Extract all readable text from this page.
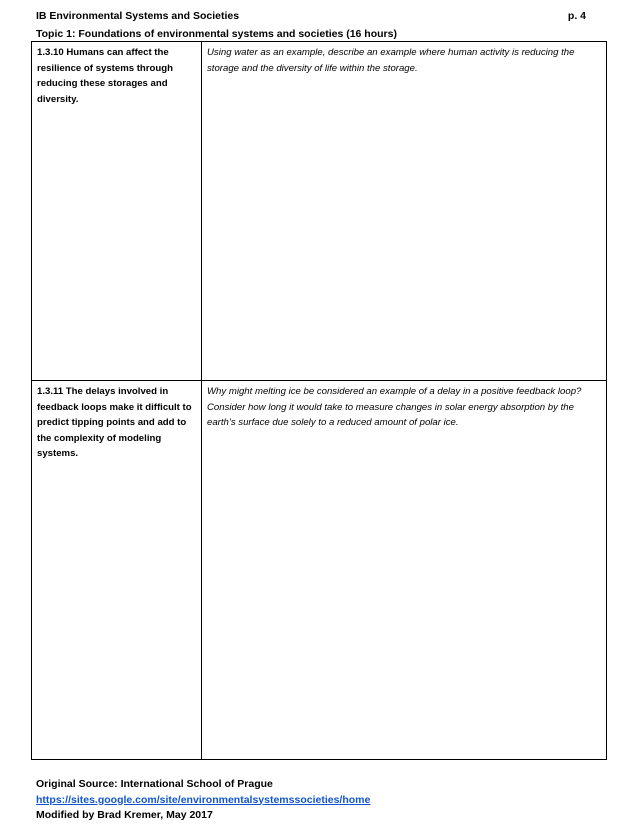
IB Environmental Systems and Societies	p. 4
Topic 1: Foundations of environmental systems and societies (16 hours)
1.3.10 Humans can affect the resilience of systems through reducing these storages and diversity.	Using water as an example, describe an example where human activity is reducing the storage and the diversity of life within the storage.
1.3.11 The delays involved in feedback loops make it difficult to predict tipping points and add to the complexity of modeling systems.	Why might melting ice be considered an example of a delay in a positive feedback loop? Consider how long it would take to measure changes in solar energy absorption by the earth’s surface due solely to a reduced amount of polar ice.
Original Source: International School of Prague
https://sites.google.com/site/environmentalsystemssocieties/home
Modified by Brad Kremer, May 2017
